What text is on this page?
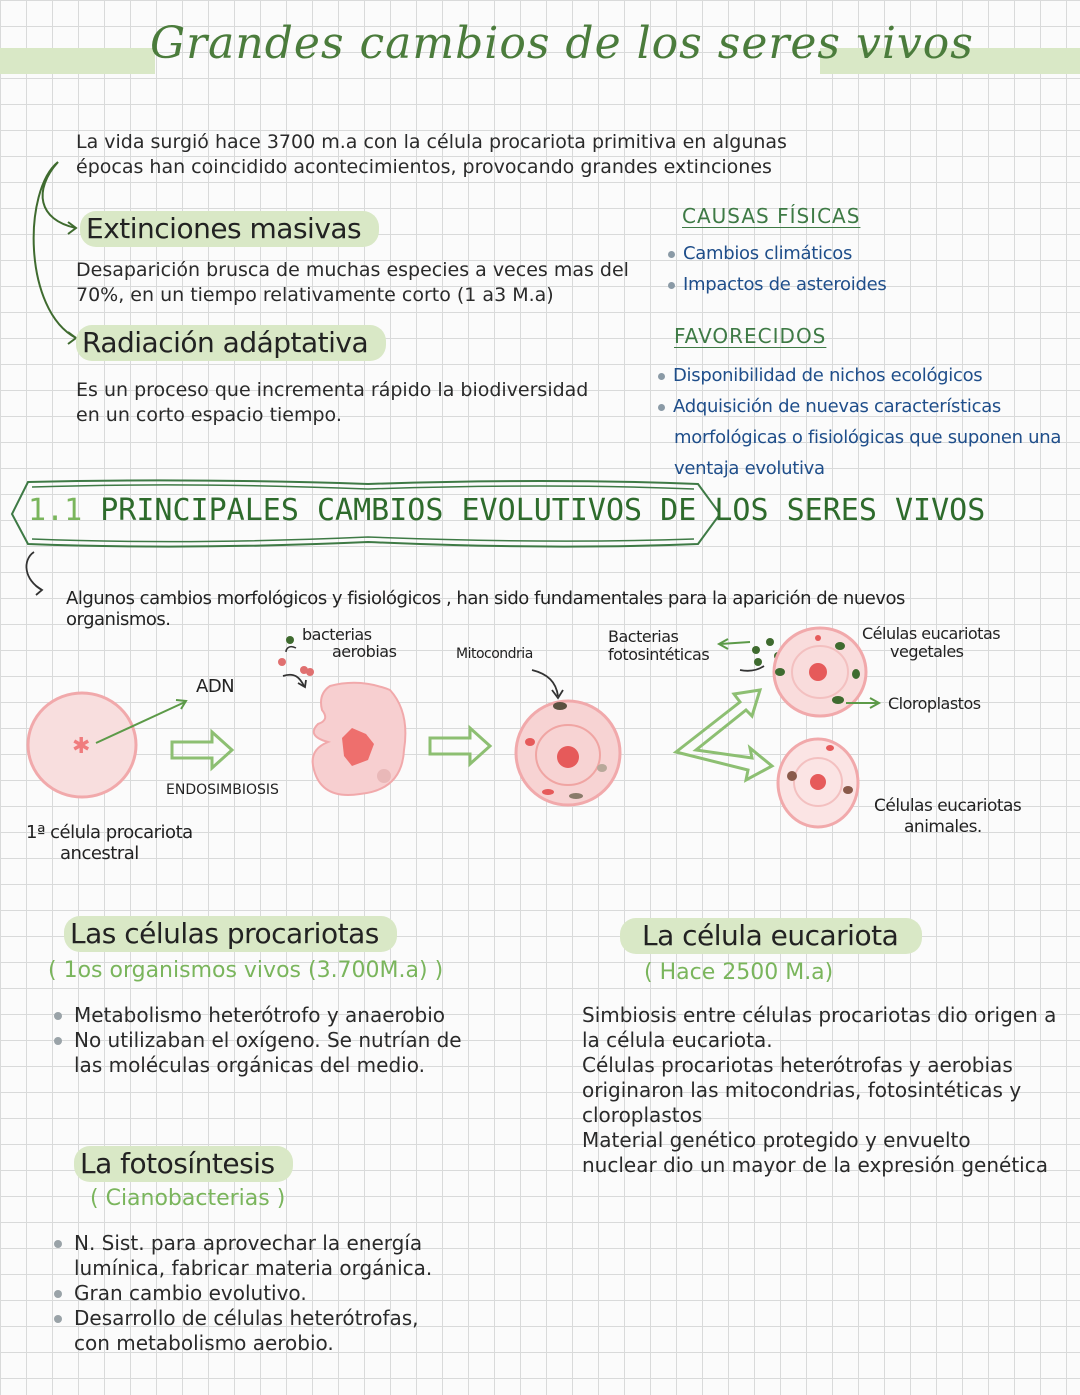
Grandes cambios de los seres vivos
La vida surgió hace 3700 m.a con la célula procariota primitiva en algunas
épocas han coincidido acontecimientos, provocando grandes extinciones
Extinciones masivas
Desaparición brusca de muchas especies a veces mas del
70%, en un tiempo relativamente corto (1 a3 M.a)
Radiación adáptativa
Es un proceso que incrementa rápido la biodiversidad
en un corto espacio tiempo.
CAUSAS FÍSICAS
Cambios climáticos
Impactos de asteroides
FAVORECIDOS
Disponibilidad de nichos ecológicos
Adquisición de nuevas características
morfológicas o fisiológicas que suponen una
ventaja evolutiva
1.1 PRINCIPALES CAMBIOS EVOLUTIVOS DE LOS SERES VIVOS
Algunos cambios morfológicos y fisiológicos , han sido fundamentales para la aparición de nuevos
organismos.
✱
ADN
ENDOSIMBIOSIS
1ª célula procariota
ancestral
bacterias
aerobias	Mitocondria
Bacterias
fotosintéticas
Células eucariotas
vegetales
Cloroplastos
Células eucariotas
animales.
Las células procariotas
( 1os organismos vivos (3.700M.a) )
Metabolismo heterótrofo y anaerobio
No utilizaban el oxígeno. Se nutrían de las moléculas orgánicas del medio.
La fotosíntesis
( Cianobacterias )
N. Sist. para aprovechar la energía lumínica, fabricar materia orgánica.
Gran cambio evolutivo.
Desarrollo de células heterótrofas, con metabolismo aerobio.
La célula eucariota
( Hace 2500 M.a)
Simbiosis entre células procariotas dio origen a
la célula eucariota.
Células procariotas heterótrofas y aerobias
originaron las mitocondrias, fotosintéticas y
cloroplastos
Material genético protegido y envuelto
nuclear dio un mayor de la expresión genética
